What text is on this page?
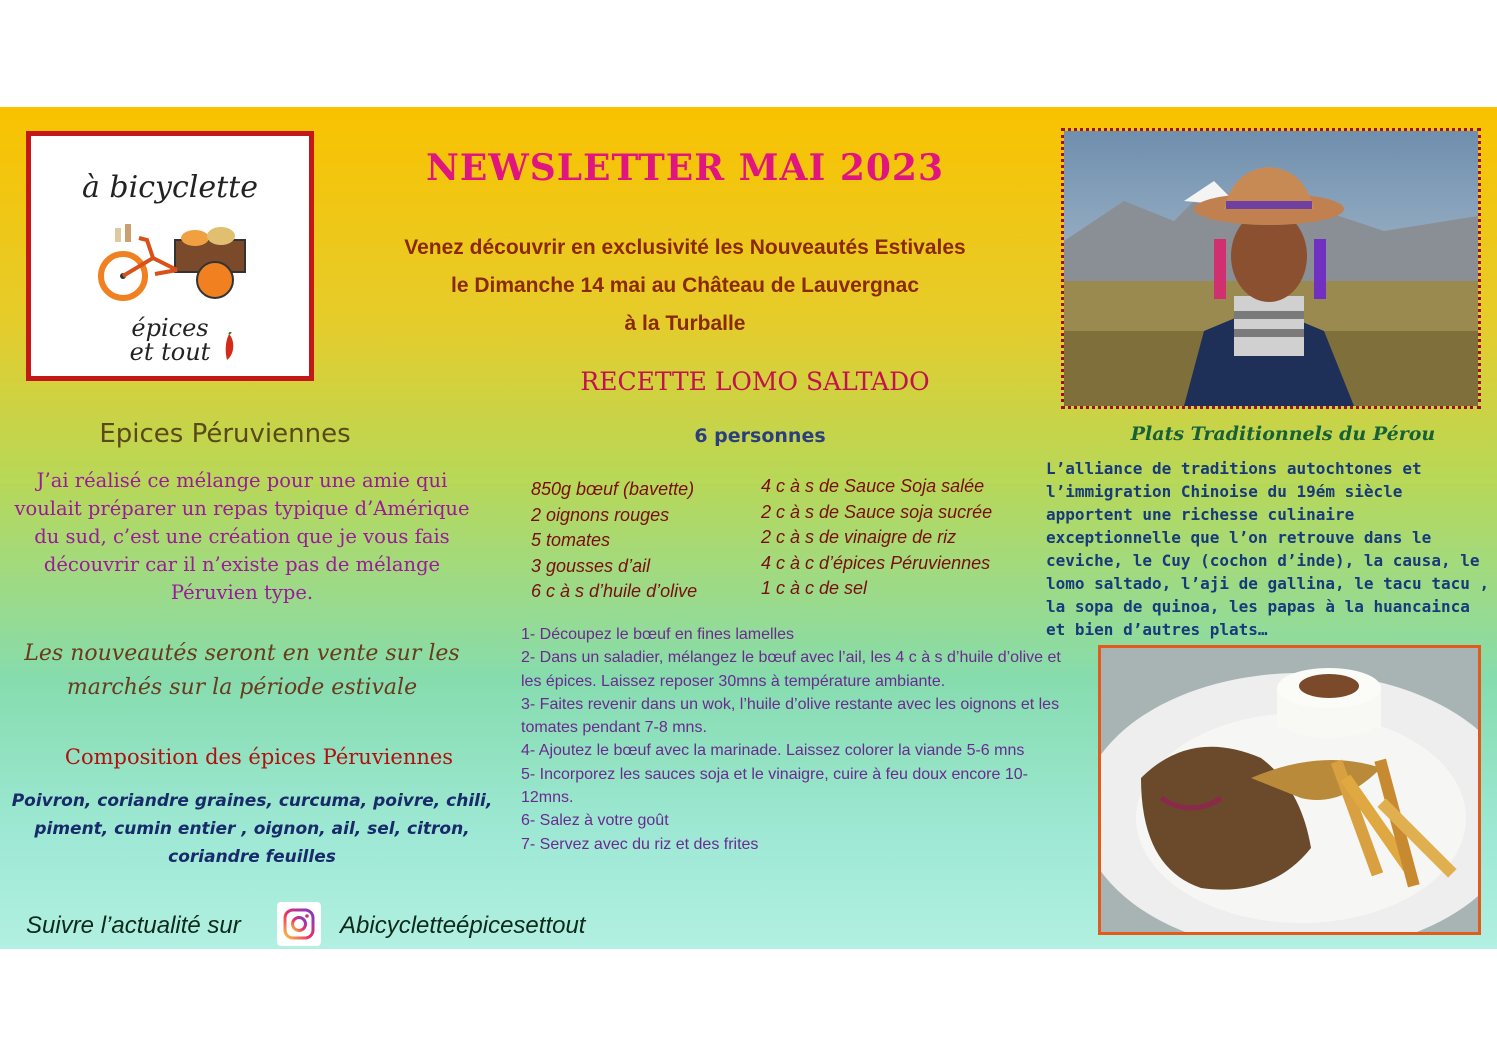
à bicyclette
épices
et tout
NEWSLETTER MAI 2023
Venez découvrir en exclusivité les Nouveautés Estivales
le Dimanche 14 mai au Château de Lauvergnac
à la Turballe
RECETTE LOMO SALTADO
6 personnes
850g bœuf (bavette)
2 oignons rouges
5 tomates
3 gousses d’ail
6 c à s d’huile d’olive
4 c à s de Sauce Soja salée
2 c à s de Sauce soja sucrée
2 c à s de vinaigre de riz
4 c à c d’épices Péruviennes
1 c à c de sel
1- Découpez le bœuf en fines lamelles
2- Dans un saladier, mélangez le bœuf avec l’ail, les 4 c à s d’huile d’olive et les épices. Laissez reposer 30mns à température ambiante.
3- Faites revenir dans un wok, l’huile d’olive restante avec les oignons et les tomates pendant 7-8 mns.
4- Ajoutez le bœuf avec la marinade. Laissez colorer la viande 5-6 mns
5- Incorporez les sauces soja et le vinaigre, cuire à feu doux encore 10-12mns.
6- Salez à votre goût
7- Servez avec du riz et des frites
Plats Traditionnels du Pérou
L’alliance de traditions autochtones et l’immigration Chinoise du 19ém siècle apportent une richesse culinaire exceptionnelle que l’on retrouve dans le ceviche, le Cuy (cochon d’inde), la causa, le lomo saltado, l’aji de gallina, le tacu tacu , la sopa de quinoa, les papas à la huancainca et bien d’autres plats…
Epices Péruviennes
J’ai réalisé ce mélange pour une amie qui voulait préparer un repas typique d’Amérique du sud, c’est une création que je vous fais découvrir car il n’existe pas de mélange Péruvien type.
Les nouveautés seront en vente sur les marchés sur la période estivale
Composition des épices Péruviennes
Poivron, coriandre graines, curcuma, poivre, chili, piment, cumin entier , oignon, ail, sel, citron, coriandre feuilles
Suivre l’actualité sur	Abicycletteépicesettout
